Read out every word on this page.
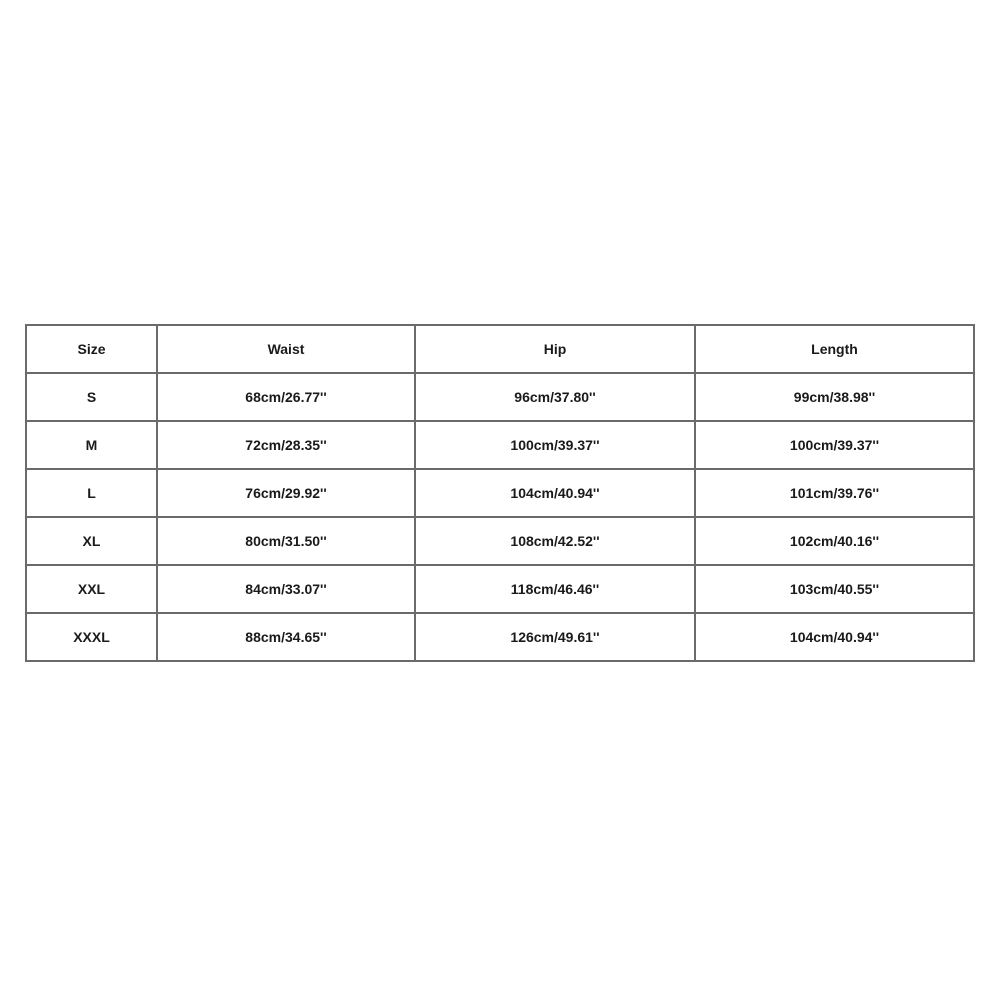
Size	Waist	Hip	Length
S	68cm/26.77''	96cm/37.80''	99cm/38.98''
M	72cm/28.35''	100cm/39.37''	100cm/39.37''
L	76cm/29.92''	104cm/40.94''	101cm/39.76''
XL	80cm/31.50''	108cm/42.52''	102cm/40.16''
XXL	84cm/33.07''	118cm/46.46''	103cm/40.55''
XXXL	88cm/34.65''	126cm/49.61''	104cm/40.94''
